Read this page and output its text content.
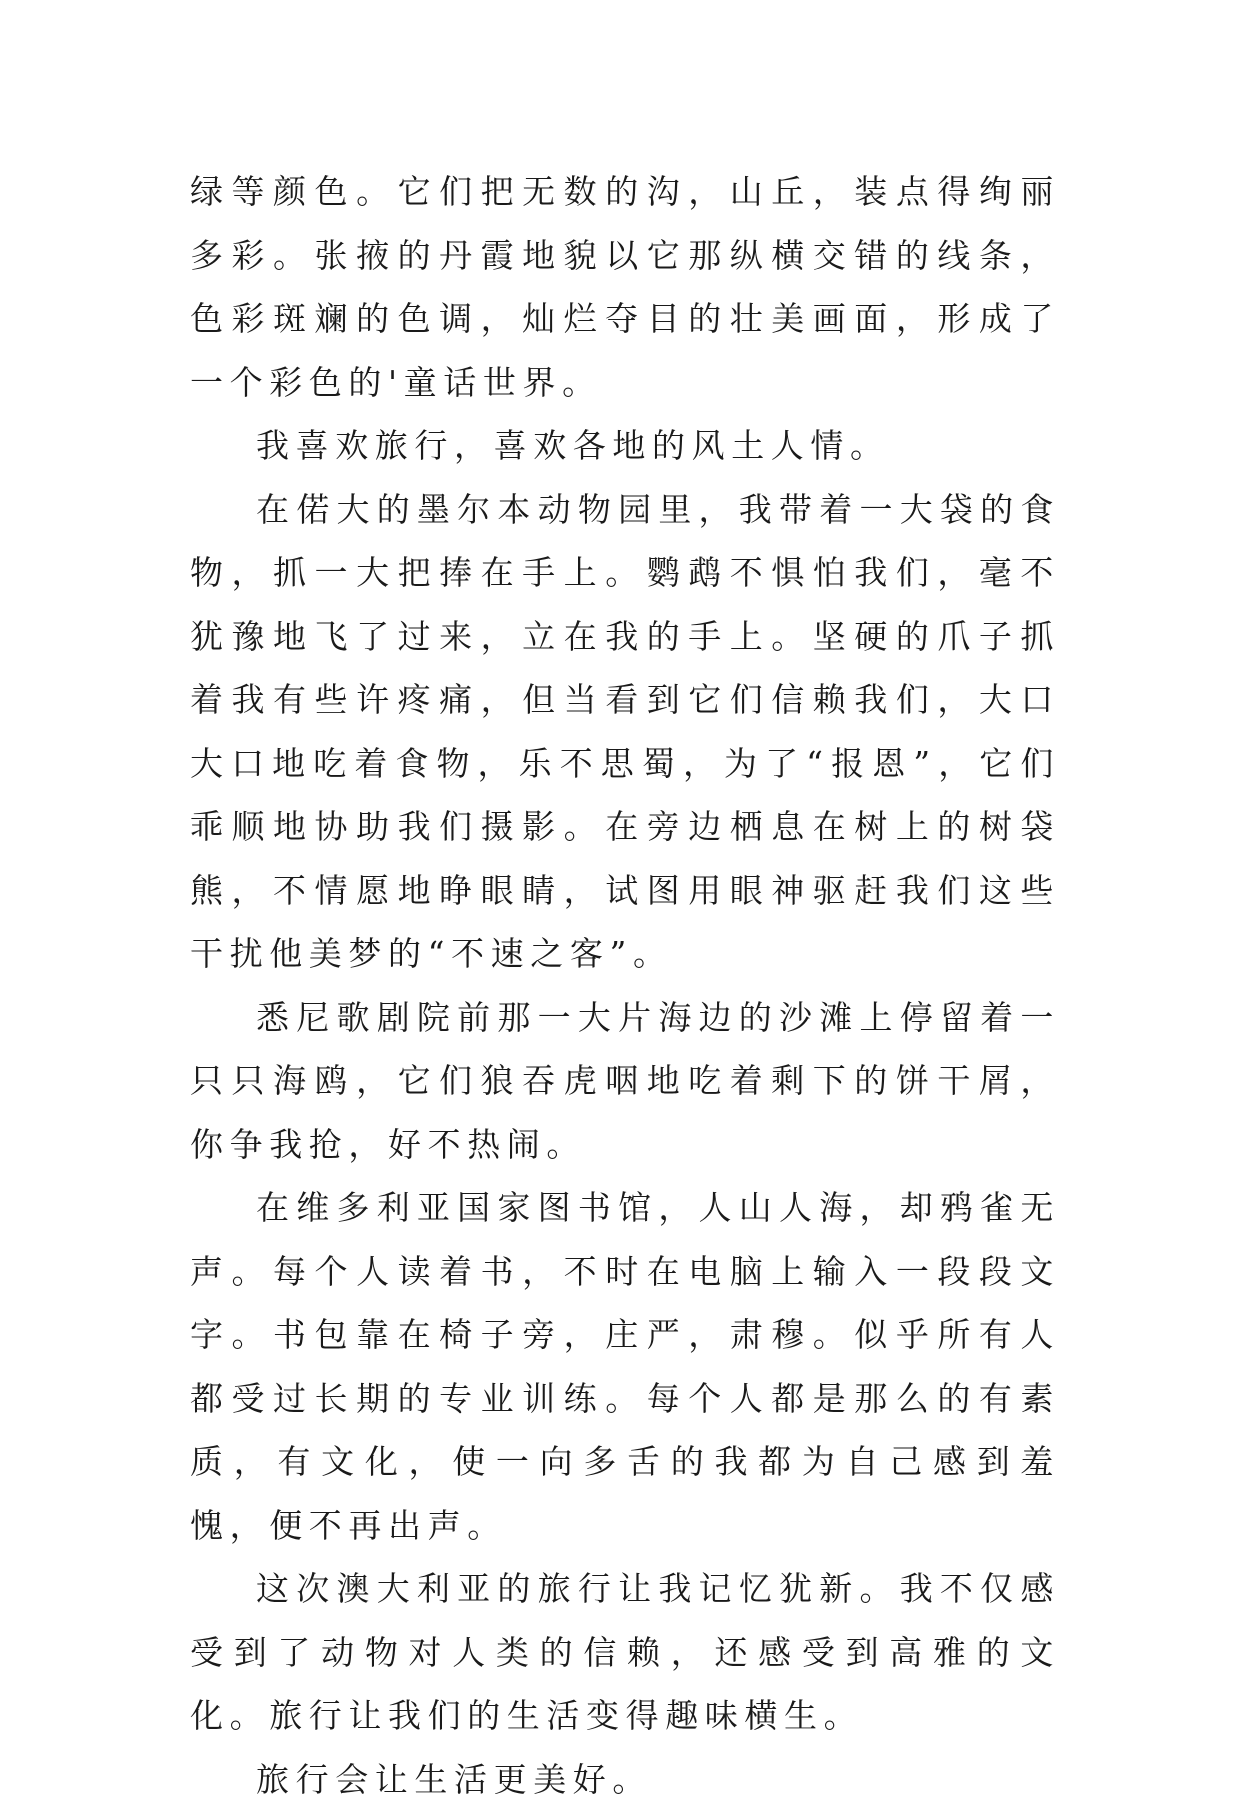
绿等颜色。它们把无数的沟，山丘，装点得绚丽多彩。张掖的丹霞地貌以它那纵横交错的线条，色彩斑斓的色调，灿烂夺目的壮美画面，形成了一个彩色的'童话世界。

我喜欢旅行，喜欢各地的风土人情。

在偌大的墨尔本动物园里，我带着一大袋的食物，抓一大把捧在手上。鹦鹉不惧怕我们，毫不犹豫地飞了过来，立在我的手上。坚硬的爪子抓着我有些许疼痛，但当看到它们信赖我们，大口大口地吃着食物，乐不思蜀，为了“报恩”，它们乖顺地协助我们摄影。在旁边栖息在树上的树袋熊，不情愿地睁眼睛，试图用眼神驱赶我们这些干扰他美梦的“不速之客”。

悉尼歌剧院前那一大片海边的沙滩上停留着一只只海鸥，它们狼吞虎咽地吃着剩下的饼干屑，你争我抢，好不热闹。

在维多利亚国家图书馆，人山人海，却鸦雀无声。每个人读着书，不时在电脑上输入一段段文字。书包靠在椅子旁，庄严，肃穆。似乎所有人都受过长期的专业训练。每个人都是那么的有素质，有文化，使一向多舌的我都为自己感到羞愧，便不再出声。

这次澳大利亚的旅行让我记忆犹新。我不仅感受到了动物对人类的信赖，还感受到高雅的文化。旅行让我们的生活变得趣味横生。

旅行会让生活更美好。
